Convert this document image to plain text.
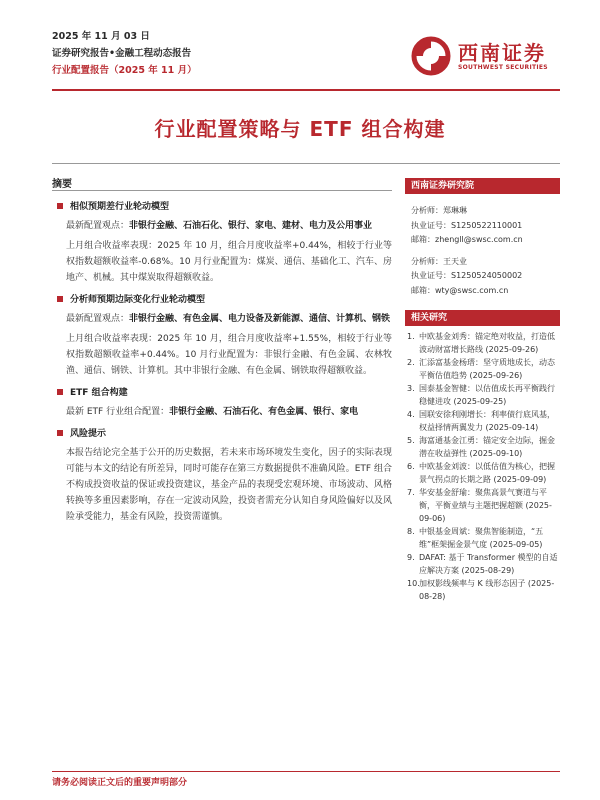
2025 年 11 月 03 日
证券研究报告•金融工程动态报告
行业配置报告（2025 年 11 月）
西南证券
SOUTHWEST SECURITIES
行业配置策略与 ETF 组合构建
摘要
相似预期差行业轮动模型

最新配置观点：非银行金融、石油石化、银行、家电、建材、电力及公用事业

上月组合收益率表现：2025 年 10 月，组合月度收益率+0.44%，相较于行业等权指数超额收益率-0.68%。10 月行业配置为：煤炭、通信、基础化工、汽车、房地产、机械。其中煤炭取得超额收益。

分析师预期边际变化行业轮动模型

最新配置观点：非银行金融、有色金属、电力设备及新能源、通信、计算机、钢铁

上月组合收益率表现：2025 年 10 月，组合月度收益率+1.55%，相较于行业等权指数超额收益率+0.44%。10 月行业配置为：非银行金融、有色金属、农林牧渔、通信、钢铁、计算机。其中非银行金融、有色金属、钢铁取得超额收益。

ETF 组合构建

最新 ETF 行业组合配置：非银行金融、石油石化、有色金属、银行、家电

风险提示

本报告结论完全基于公开的历史数据，若未来市场环境发生变化，因子的实际表现可能与本文的结论有所差异，同时可能存在第三方数据提供不准确风险。ETF 组合不构成投资收益的保证或投资建议，基金产品的表现受宏观环境、市场波动、风格转换等多重因素影响，存在一定波动风险，投资者需充分认知自身风险偏好以及风险承受能力，基金有风险，投资需谨慎。

西南证券研究院
分析师：郑琳琳
执业证号：S1250522110001
邮箱：zhengll@swsc.com.cn
分析师：王天业
执业证号：S1250524050002
邮箱：wty@swsc.com.cn
相关研究
1. 中欧基金刘秀：锚定绝对收益，打造低波动财富增长路线 (2025-09-26)
2. 汇添富基金杨瑨：坚守质地成长，动态平衡估值趋势 (2025-09-26)
3. 国泰基金智健：以估值成长再平衡践行稳健进攻 (2025-09-25)
4. 国联安徐利刚增长：利率债行底风基，权益择情两翼发力 (2025-09-14)
5. 海富通基金江勇：锚定安全边际，掘金潜在收益弹性 (2025-09-10)
6. 中欧基金刘波：以低估值为核心，把握景气拐点的长期之路 (2025-09-09)
7. 华安基金舒瑜：聚焦高景气赛道与平衡，平衡业绩与主题把握超额 (2025-09-06)
8. 中银基金周斌：聚焦智能制造，“五维”框架掘金景气度 (2025-09-05)
9. DAFAT: 基于 Transformer 模型的自适应解决方案 (2025-08-29)
10. 加权影线频率与 K 线形态因子 (2025-08-28)
请务必阅读正文后的重要声明部分
